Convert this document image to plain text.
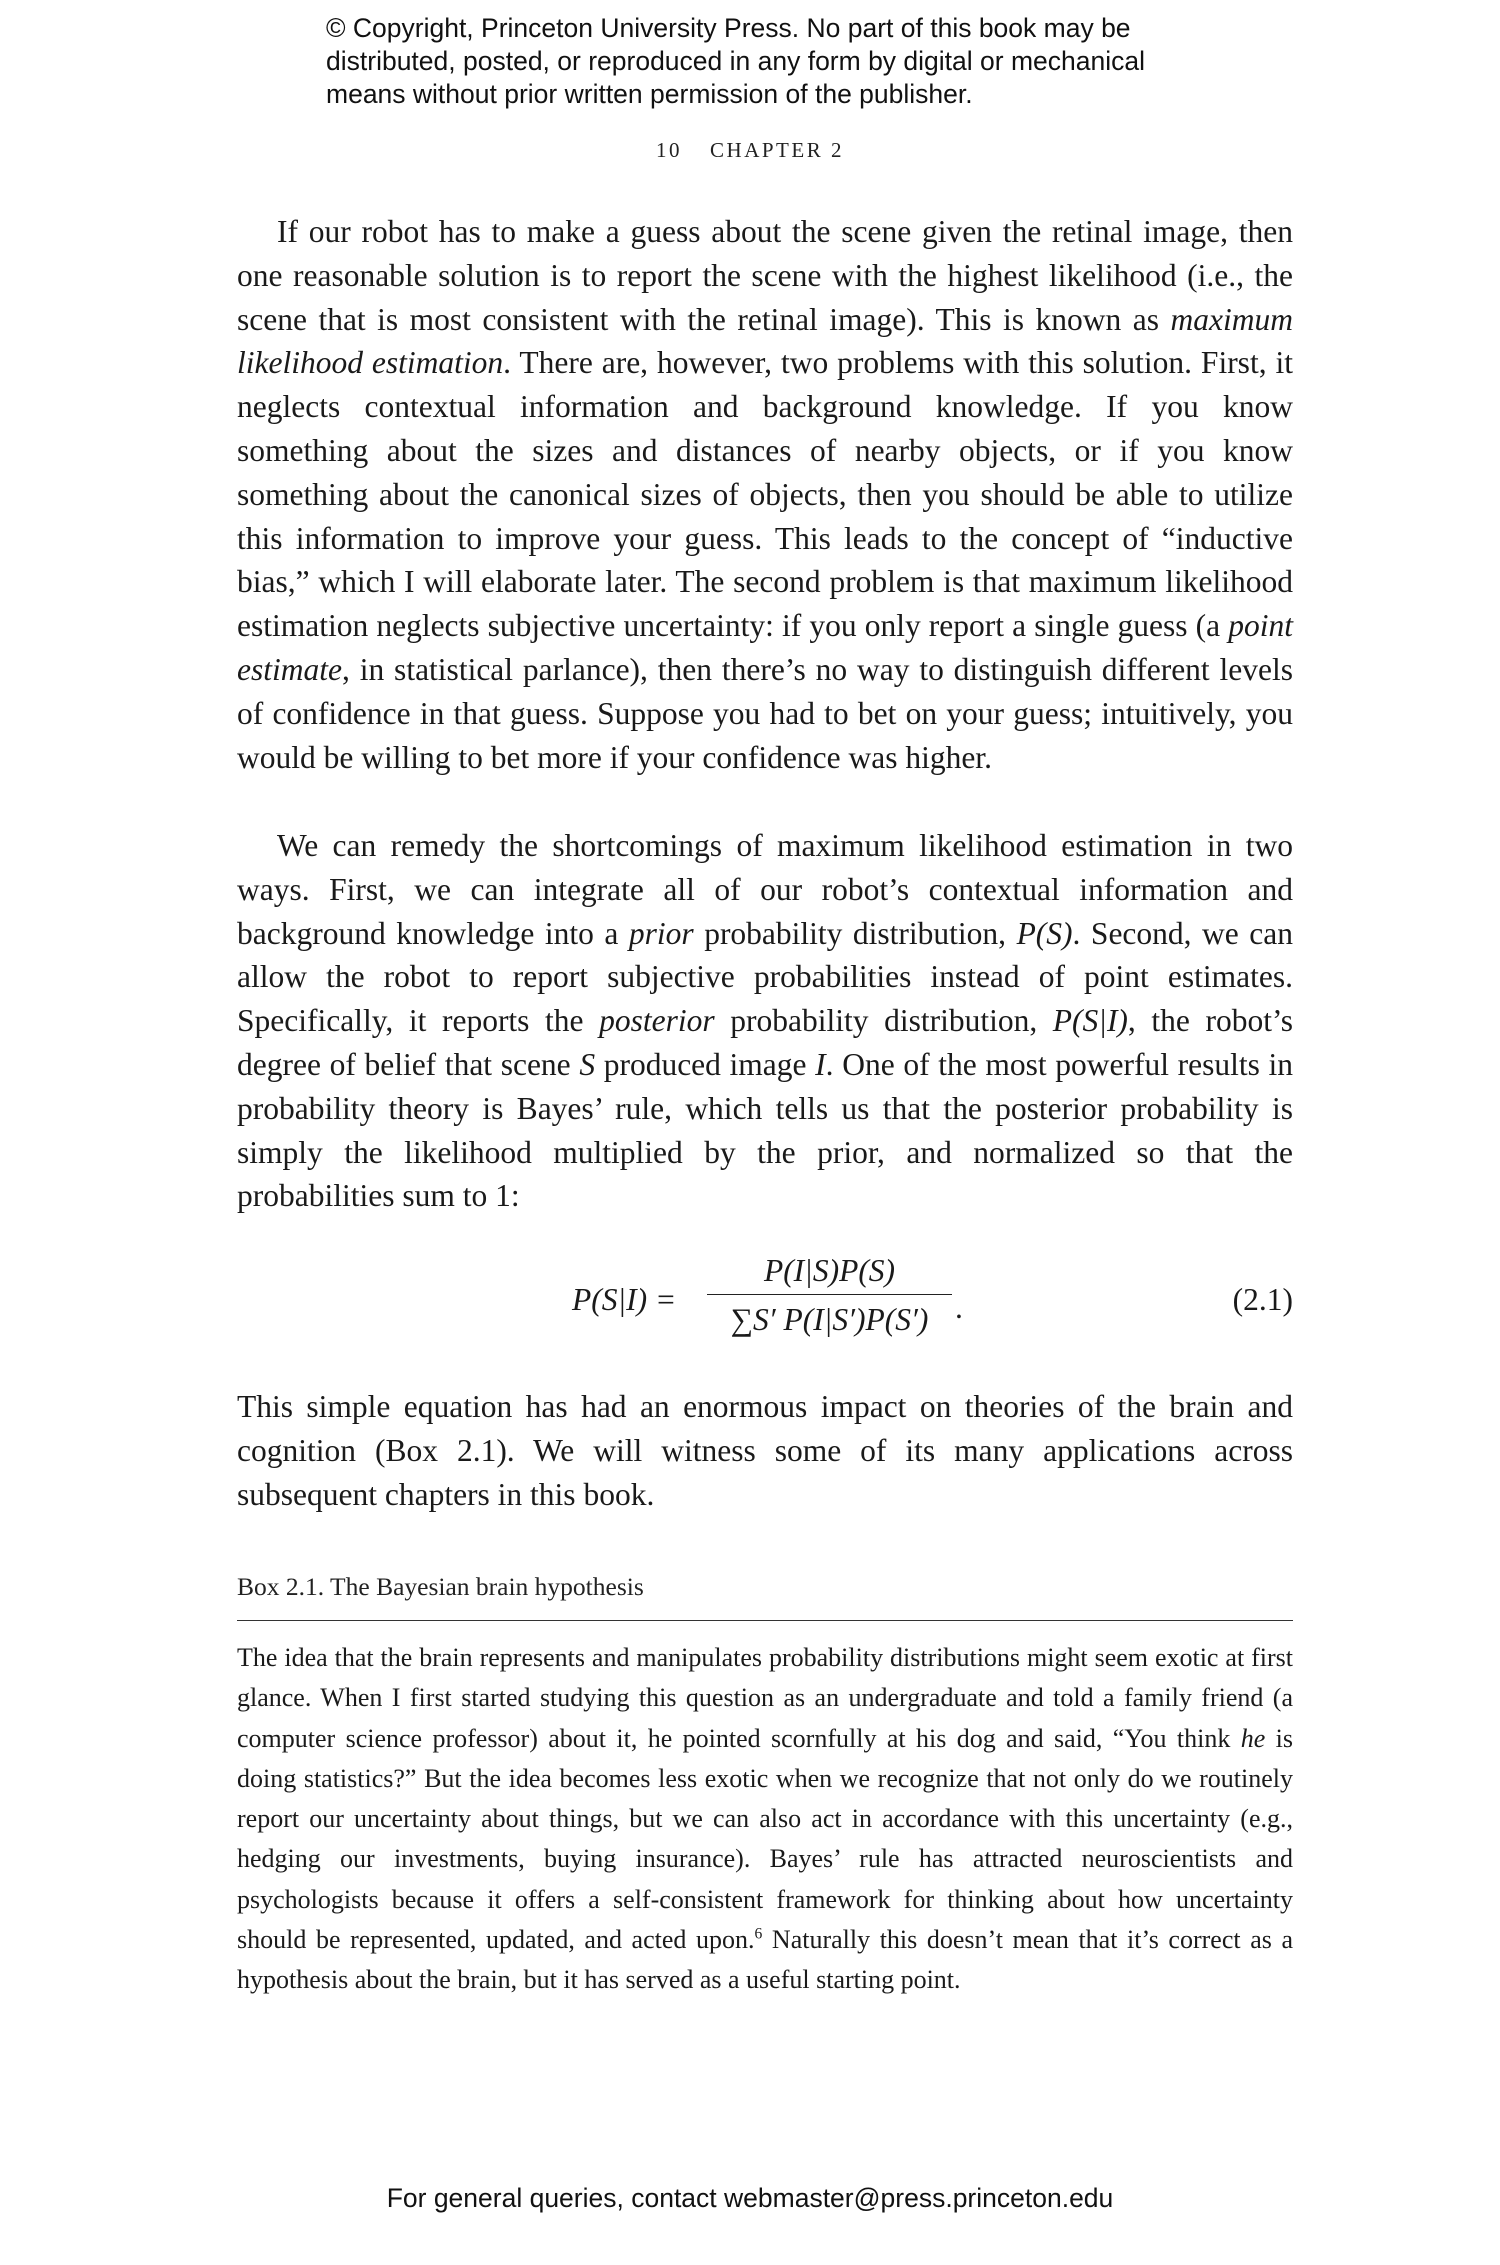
© Copyright, Princeton University Press. No part of this book may be
distributed, posted, or reproduced in any form by digital or mechanical
means without prior written permission of the publisher.
10 CHAPTER 2

If our robot has to make a guess about the scene given the retinal image, then one reasonable solution is to report the scene with the highest likelihood (i.e., the scene that is most consistent with the retinal image). This is known as maximum likelihood estimation. There are, however, two problems with this solution. First, it neglects contextual information and background knowledge. If you know something about the sizes and distances of nearby objects, or if you know something about the canonical sizes of objects, then you should be able to utilize this information to improve your guess. This leads to the concept of “inductive bias,” which I will elaborate later. The second problem is that maximum likelihood estimation neglects subjective uncertainty: if you only report a single guess (a point estimate, in statistical parlance), then there’s no way to distinguish different levels of confidence in that guess. Suppose you had to bet on your guess; intuitively, you would be willing to bet more if your confidence was higher.

We can remedy the shortcomings of maximum likelihood estimation in two ways. First, we can integrate all of our robot’s contextual information and background knowledge into a prior probability distribution, P(S). Second, we can allow the robot to report subjective probabilities instead of point estimates. Specifically, it reports the posterior probability distribution, P(S|I), the robot’s degree of belief that scene S produced image I. One of the most powerful results in probability theory is Bayes’ rule, which tells us that the posterior probability is simply the likelihood multiplied by the prior, and normalized so that the probabilities sum to 1:

P(S|I) =
P(I|S)P(S)
∑S′ P(I|S′)P(S′) .	(2.1)

This simple equation has had an enormous impact on theories of the brain and cognition (Box 2.1). We will witness some of its many applications across subsequent chapters in this book.

Box 2.1. The Bayesian brain hypothesis

The idea that the brain represents and manipulates probability distributions might seem exotic at first glance. When I first started studying this question as an undergraduate and told a family friend (a computer science professor) about it, he pointed scornfully at his dog and said, “You think he is doing statistics?” But the idea becomes less exotic when we recognize that not only do we routinely report our uncertainty about things, but we can also act in accordance with this uncertainty (e.g., hedging our investments, buying insurance). Bayes’ rule has attracted neuroscientists and psychologists because it offers a self-consistent framework for thinking about how uncertainty should be represented, updated, and acted upon.$^6$ Naturally this doesn’t mean that it’s correct as a hypothesis about the brain, but it has served as a useful starting point.

For general queries, contact webmaster@press.princeton.edu
